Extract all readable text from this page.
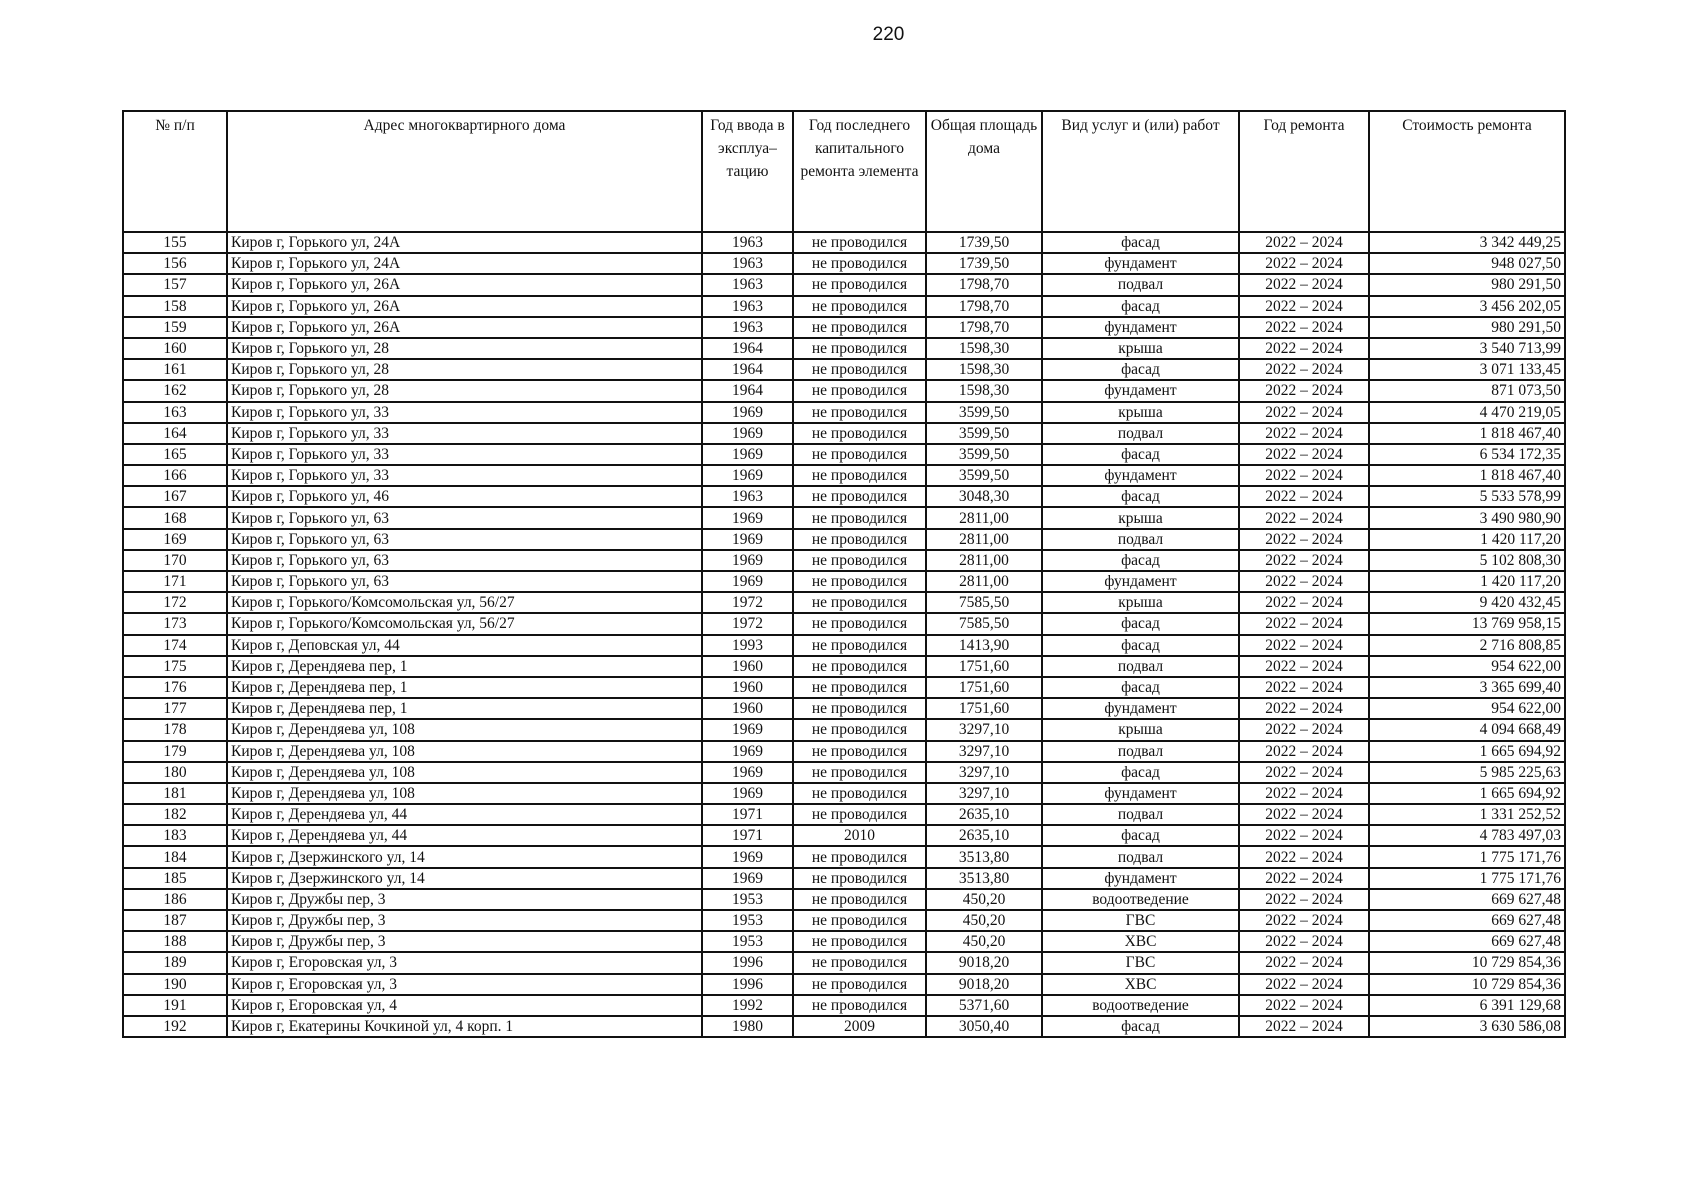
220
№ п/п	Адрес многоквартирного дома	Год ввода в эксплуа–тацию	Год последнего капитального ремонта элемента	Общая площадь дома	Вид услуг и (или) работ	Год ремонта	Стоимость ремонта
155	Киров г, Горького ул, 24А	1963	не проводился	1739,50	фасад	2022 – 2024	3 342 449,25
156	Киров г, Горького ул, 24А	1963	не проводился	1739,50	фундамент	2022 – 2024	948 027,50
157	Киров г, Горького ул, 26А	1963	не проводился	1798,70	подвал	2022 – 2024	980 291,50
158	Киров г, Горького ул, 26А	1963	не проводился	1798,70	фасад	2022 – 2024	3 456 202,05
159	Киров г, Горького ул, 26А	1963	не проводился	1798,70	фундамент	2022 – 2024	980 291,50
160	Киров г, Горького ул, 28	1964	не проводился	1598,30	крыша	2022 – 2024	3 540 713,99
161	Киров г, Горького ул, 28	1964	не проводился	1598,30	фасад	2022 – 2024	3 071 133,45
162	Киров г, Горького ул, 28	1964	не проводился	1598,30	фундамент	2022 – 2024	871 073,50
163	Киров г, Горького ул, 33	1969	не проводился	3599,50	крыша	2022 – 2024	4 470 219,05
164	Киров г, Горького ул, 33	1969	не проводился	3599,50	подвал	2022 – 2024	1 818 467,40
165	Киров г, Горького ул, 33	1969	не проводился	3599,50	фасад	2022 – 2024	6 534 172,35
166	Киров г, Горького ул, 33	1969	не проводился	3599,50	фундамент	2022 – 2024	1 818 467,40
167	Киров г, Горького ул, 46	1963	не проводился	3048,30	фасад	2022 – 2024	5 533 578,99
168	Киров г, Горького ул, 63	1969	не проводился	2811,00	крыша	2022 – 2024	3 490 980,90
169	Киров г, Горького ул, 63	1969	не проводился	2811,00	подвал	2022 – 2024	1 420 117,20
170	Киров г, Горького ул, 63	1969	не проводился	2811,00	фасад	2022 – 2024	5 102 808,30
171	Киров г, Горького ул, 63	1969	не проводился	2811,00	фундамент	2022 – 2024	1 420 117,20
172	Киров г, Горького/Комсомольская ул, 56/27	1972	не проводился	7585,50	крыша	2022 – 2024	9 420 432,45
173	Киров г, Горького/Комсомольская ул, 56/27	1972	не проводился	7585,50	фасад	2022 – 2024	13 769 958,15
174	Киров г, Деповская ул, 44	1993	не проводился	1413,90	фасад	2022 – 2024	2 716 808,85
175	Киров г, Дерендяева пер, 1	1960	не проводился	1751,60	подвал	2022 – 2024	954 622,00
176	Киров г, Дерендяева пер, 1	1960	не проводился	1751,60	фасад	2022 – 2024	3 365 699,40
177	Киров г, Дерендяева пер, 1	1960	не проводился	1751,60	фундамент	2022 – 2024	954 622,00
178	Киров г, Дерендяева ул, 108	1969	не проводился	3297,10	крыша	2022 – 2024	4 094 668,49
179	Киров г, Дерендяева ул, 108	1969	не проводился	3297,10	подвал	2022 – 2024	1 665 694,92
180	Киров г, Дерендяева ул, 108	1969	не проводился	3297,10	фасад	2022 – 2024	5 985 225,63
181	Киров г, Дерендяева ул, 108	1969	не проводился	3297,10	фундамент	2022 – 2024	1 665 694,92
182	Киров г, Дерендяева ул, 44	1971	не проводился	2635,10	подвал	2022 – 2024	1 331 252,52
183	Киров г, Дерендяева ул, 44	1971	2010	2635,10	фасад	2022 – 2024	4 783 497,03
184	Киров г, Дзержинского ул, 14	1969	не проводился	3513,80	подвал	2022 – 2024	1 775 171,76
185	Киров г, Дзержинского ул, 14	1969	не проводился	3513,80	фундамент	2022 – 2024	1 775 171,76
186	Киров г, Дружбы пер, 3	1953	не проводился	450,20	водоотведение	2022 – 2024	669 627,48
187	Киров г, Дружбы пер, 3	1953	не проводился	450,20	ГВС	2022 – 2024	669 627,48
188	Киров г, Дружбы пер, 3	1953	не проводился	450,20	ХВС	2022 – 2024	669 627,48
189	Киров г, Егоровская ул, 3	1996	не проводился	9018,20	ГВС	2022 – 2024	10 729 854,36
190	Киров г, Егоровская ул, 3	1996	не проводился	9018,20	ХВС	2022 – 2024	10 729 854,36
191	Киров г, Егоровская ул, 4	1992	не проводился	5371,60	водоотведение	2022 – 2024	6 391 129,68
192	Киров г, Екатерины Кочкиной ул, 4 корп. 1	1980	2009	3050,40	фасад	2022 – 2024	3 630 586,08
